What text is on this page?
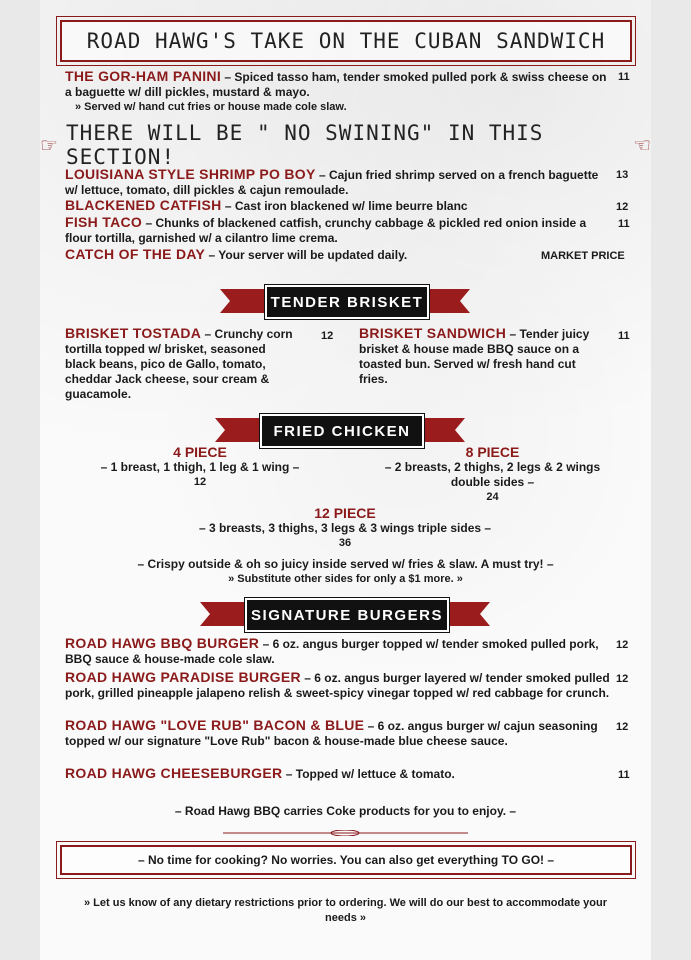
ROAD HAWG'S TAKE ON THE CUBAN SANDWICH
THE GOR-HAM PANINI – Spiced tasso ham, tender smoked pulled pork & swiss cheese on a baguette w/ dill pickles, mustard & mayo.
» Served w/ hand cut fries or house made cole slaw.
11
☞
THERE WILL BE " NO SWINING" IN THIS SECTION!	☜
LOUISIANA STYLE SHRIMP PO BOY – Cajun fried shrimp served on a french baguette w/ lettuce, tomato, dill pickles & cajun remoulade.
13
BLACKENED CATFISH – Cast iron blackened w/ lime beurre blanc	12
FISH TACO – Chunks of blackened catfish, crunchy cabbage & pickled red onion inside a flour tortilla, garnished w/ a cilantro lime crema.
11
CATCH OF THE DAY – Your server will be updated daily.	MARKET PRICE
TENDER BRISKET
BRISKET TOSTADA – Crunchy corn tortilla topped w/ brisket, seasoned black beans, pico de Gallo, tomato, cheddar Jack cheese, sour cream & guacamole.
12 BRISKET SANDWICH – Tender juicy brisket & house made BBQ sauce on a toasted bun. Served w/ fresh hand cut fries.
11
FRIED CHICKEN
4 PIECE
– 1 breast, 1 thigh, 1 leg & 1 wing –
12
8 PIECE
– 2 breasts, 2 thighs, 2 legs & 2 wings double sides –
24
12 PIECE
– 3 breasts, 3 thighs, 3 legs & 3 wings triple sides –
36
– Crispy outside & oh so juicy inside served w/ fries & slaw. A must try! –
» Substitute other sides for only a $1 more. »
SIGNATURE BURGERS
ROAD HAWG BBQ BURGER – 6 oz. angus burger topped w/ tender smoked pulled pork, BBQ sauce & house-made cole slaw.
12
ROAD HAWG PARADISE BURGER – 6 oz. angus burger layered w/ tender smoked pulled pork, grilled pineapple jalapeno relish & sweet-spicy vinegar topped w/ red cabbage for crunch.
12
ROAD HAWG "LOVE RUB" BACON & BLUE – 6 oz. angus burger w/ cajun seasoning topped w/ our signature "Love Rub" bacon & house-made blue cheese sauce.
12
ROAD HAWG CHEESEBURGER – Topped w/ lettuce & tomato.	11
– Road Hawg BBQ carries Coke products for you to enjoy. –
– No time for cooking? No worries. You can also get everything TO GO! –
» Let us know of any dietary restrictions prior to ordering. We will do our best to accommodate your needs »
